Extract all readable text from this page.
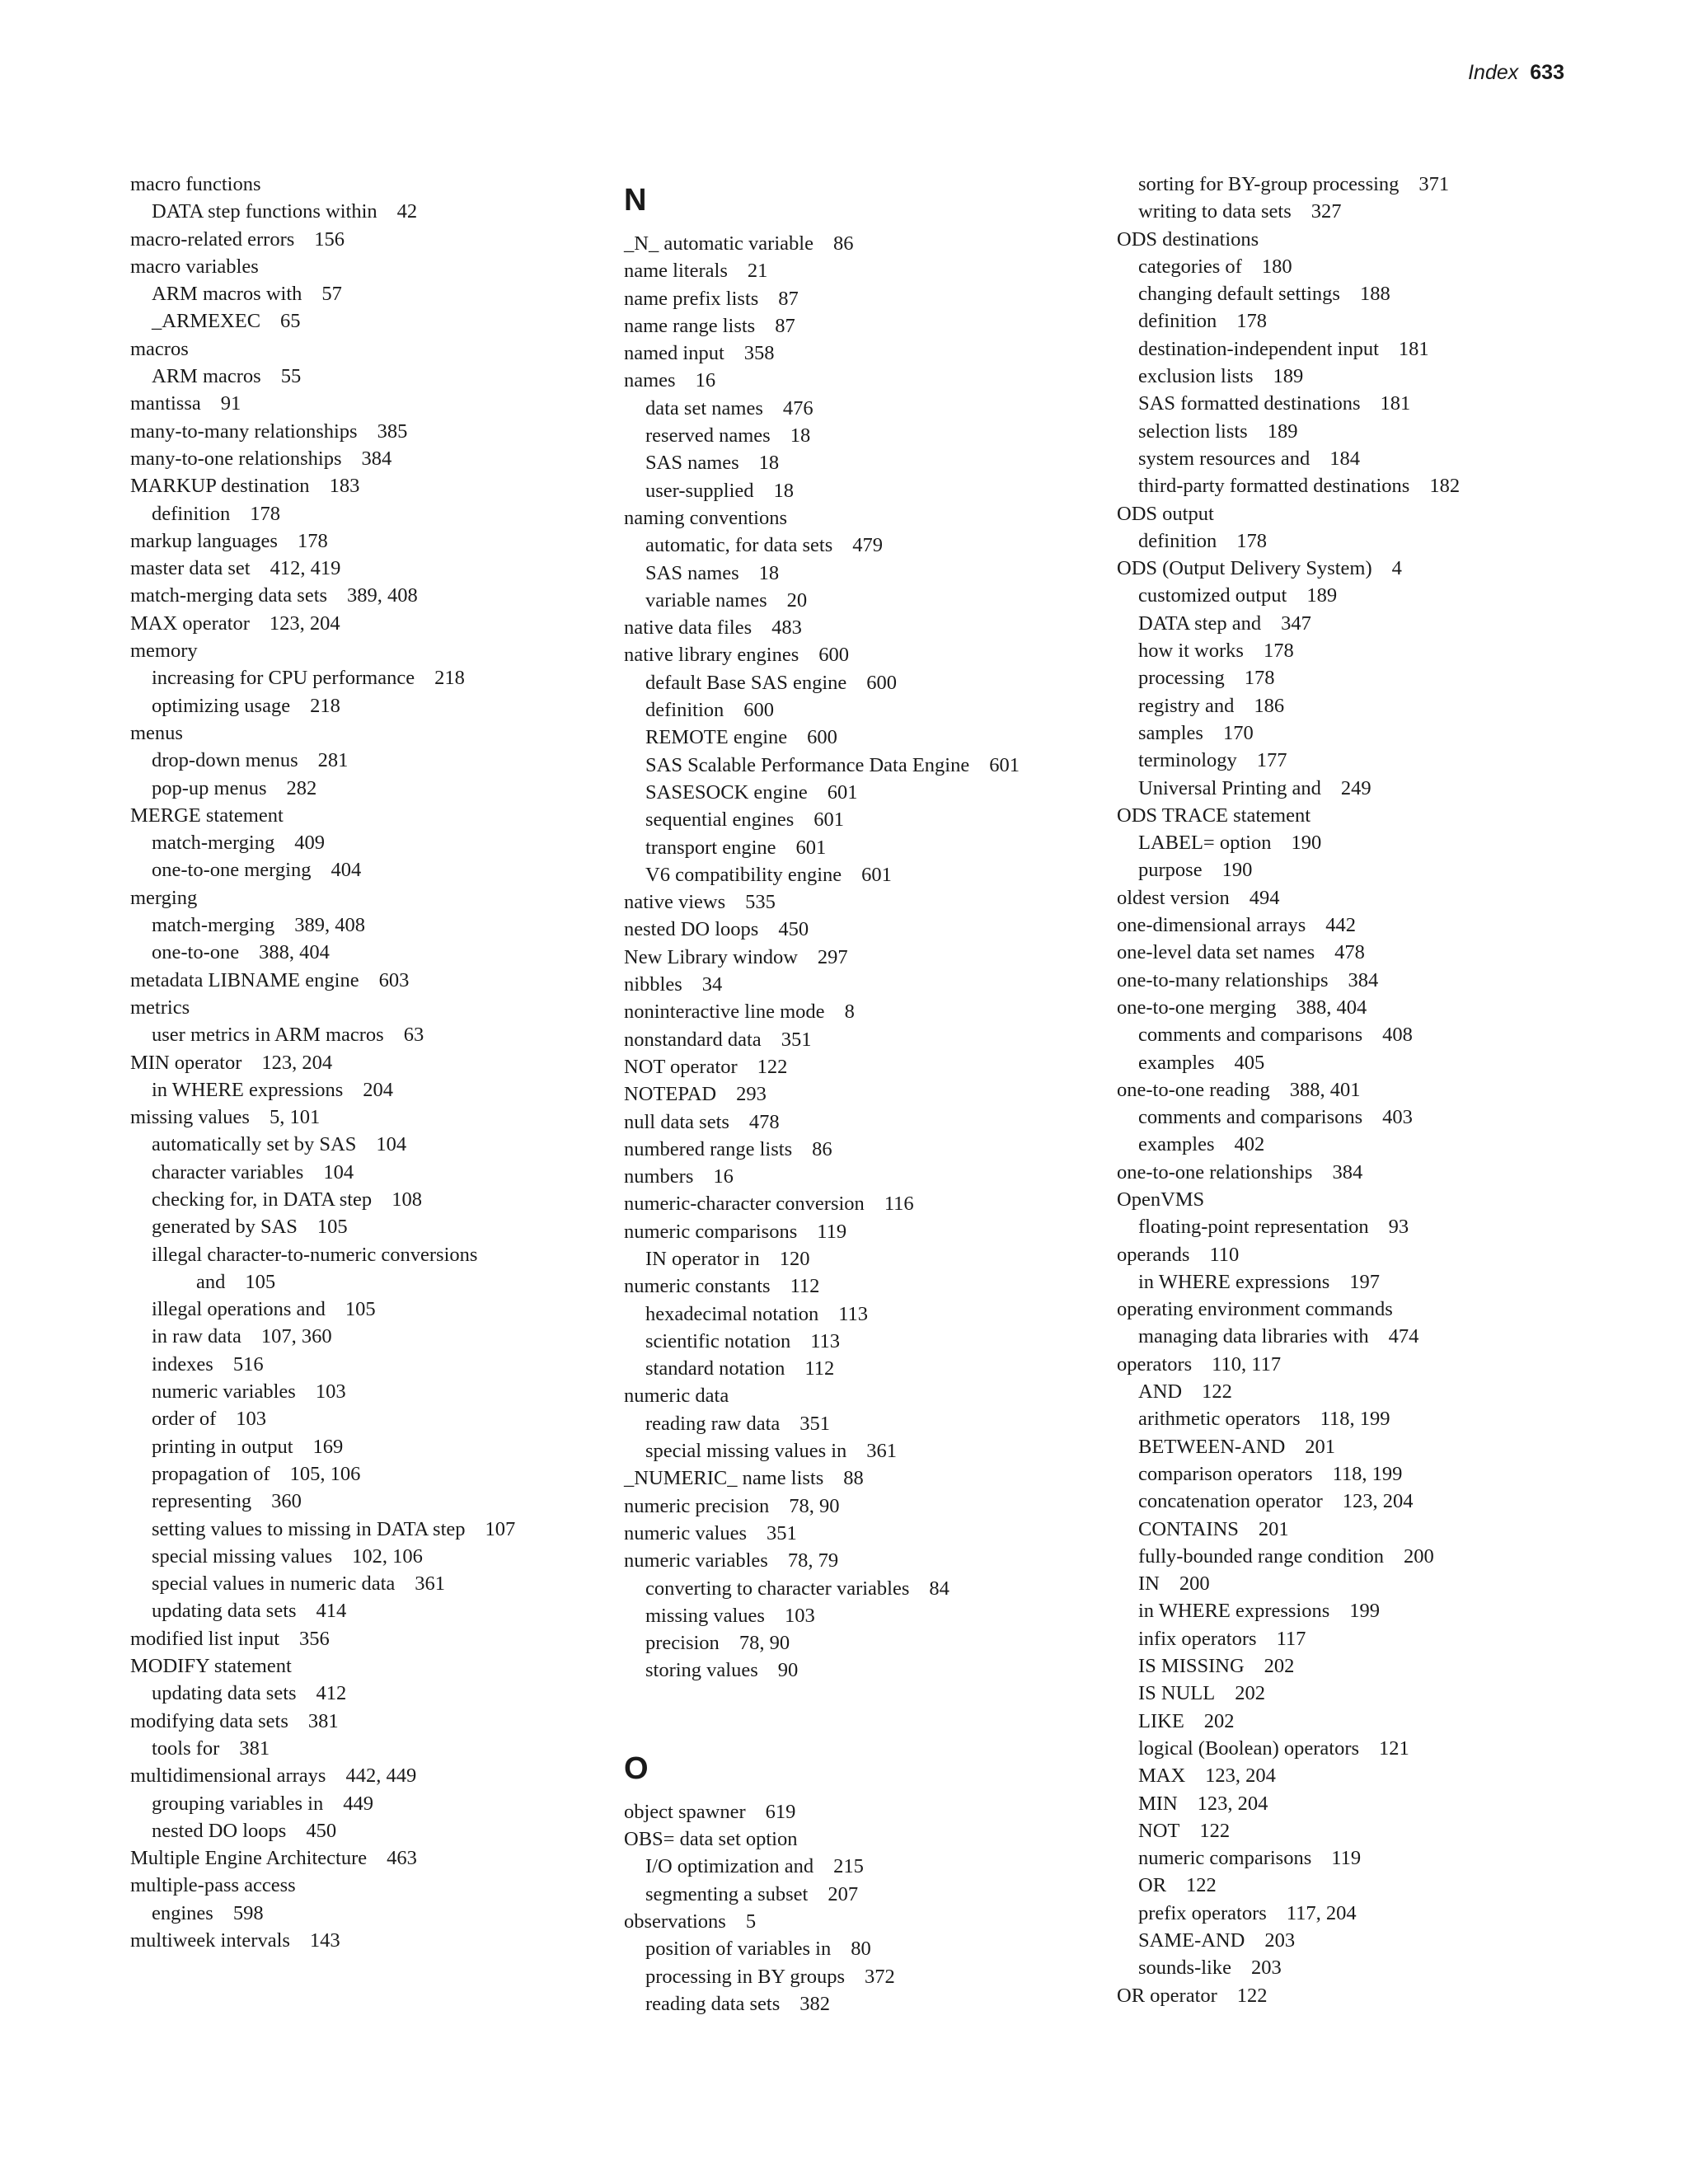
Index 633
macro functions
DATA step functions within 42
macro-related errors 156
macro variables
ARM macros with 57
_ARMEXEC 65
macros
ARM macros 55
mantissa 91
many-to-many relationships 385
many-to-one relationships 384
MARKUP destination 183
definition 178
markup languages 178
master data set 412, 419
match-merging data sets 389, 408
MAX operator 123, 204
memory
increasing for CPU performance 218
optimizing usage 218
menus
drop-down menus 281
pop-up menus 282
MERGE statement
match-merging 409
one-to-one merging 404
merging
match-merging 389, 408
one-to-one 388, 404
metadata LIBNAME engine 603
metrics
user metrics in ARM macros 63
MIN operator 123, 204
in WHERE expressions 204
missing values 5, 101
automatically set by SAS 104
character variables 104
checking for, in DATA step 108
generated by SAS 105
illegal character-to-numeric conversions
and 105
illegal operations and 105
in raw data 107, 360
indexes 516
numeric variables 103
order of 103
printing in output 169
propagation of 105, 106
representing 360
setting values to missing in DATA step 107
special missing values 102, 106
special values in numeric data 361
updating data sets 414
modified list input 356
MODIFY statement
updating data sets 412
modifying data sets 381
tools for 381
multidimensional arrays 442, 449
grouping variables in 449
nested DO loops 450
Multiple Engine Architecture 463
multiple-pass access
engines 598
multiweek intervals 143
N
_N_ automatic variable 86
name literals 21
name prefix lists 87
name range lists 87
named input 358
names 16
data set names 476
reserved names 18
SAS names 18
user-supplied 18
naming conventions
automatic, for data sets 479
SAS names 18
variable names 20
native data files 483
native library engines 600
default Base SAS engine 600
definition 600
REMOTE engine 600
SAS Scalable Performance Data Engine 601
SASESOCK engine 601
sequential engines 601
transport engine 601
V6 compatibility engine 601
native views 535
nested DO loops 450
New Library window 297
nibbles 34
noninteractive line mode 8
nonstandard data 351
NOT operator 122
NOTEPAD 293
null data sets 478
numbered range lists 86
numbers 16
numeric-character conversion 116
numeric comparisons 119
IN operator in 120
numeric constants 112
hexadecimal notation 113
scientific notation 113
standard notation 112
numeric data
reading raw data 351
special missing values in 361
_NUMERIC_ name lists 88
numeric precision 78, 90
numeric values 351
numeric variables 78, 79
converting to character variables 84
missing values 103
precision 78, 90
storing values 90
O
object spawner 619
OBS= data set option
I/O optimization and 215
segmenting a subset 207
observations 5
position of variables in 80
processing in BY groups 372
reading data sets 382
sorting for BY-group processing 371
writing to data sets 327
ODS destinations
categories of 180
changing default settings 188
definition 178
destination-independent input 181
exclusion lists 189
SAS formatted destinations 181
selection lists 189
system resources and 184
third-party formatted destinations 182
ODS output
definition 178
ODS (Output Delivery System) 4
customized output 189
DATA step and 347
how it works 178
processing 178
registry and 186
samples 170
terminology 177
Universal Printing and 249
ODS TRACE statement
LABEL= option 190
purpose 190
oldest version 494
one-dimensional arrays 442
one-level data set names 478
one-to-many relationships 384
one-to-one merging 388, 404
comments and comparisons 408
examples 405
one-to-one reading 388, 401
comments and comparisons 403
examples 402
one-to-one relationships 384
OpenVMS
floating-point representation 93
operands 110
in WHERE expressions 197
operating environment commands
managing data libraries with 474
operators 110, 117
AND 122
arithmetic operators 118, 199
BETWEEN-AND 201
comparison operators 118, 199
concatenation operator 123, 204
CONTAINS 201
fully-bounded range condition 200
IN 200
in WHERE expressions 199
infix operators 117
IS MISSING 202
IS NULL 202
LIKE 202
logical (Boolean) operators 121
MAX 123, 204
MIN 123, 204
NOT 122
numeric comparisons 119
OR 122
prefix operators 117, 204
SAME-AND 203
sounds-like 203
OR operator 122
